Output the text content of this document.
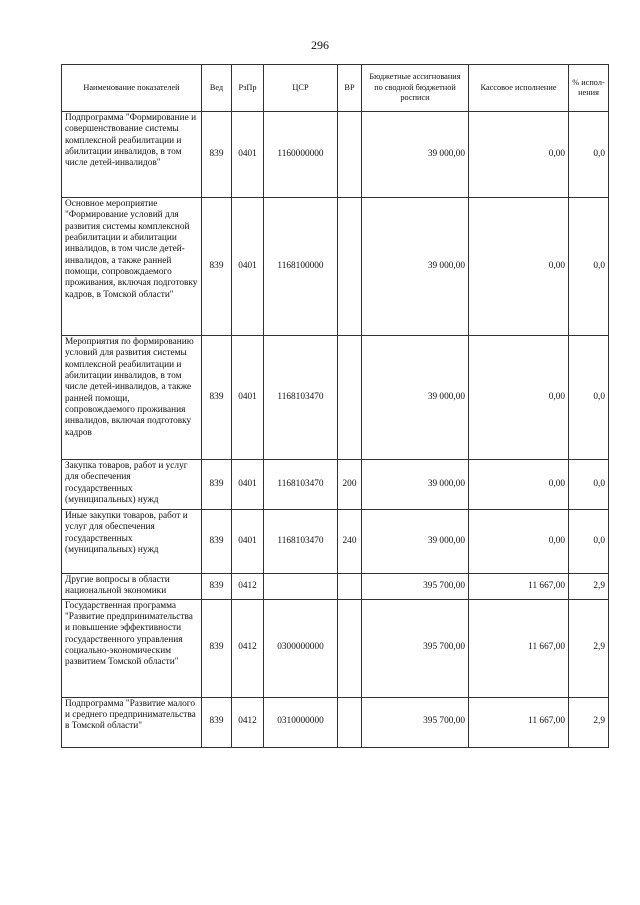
296
Наименование показателей	Вед	РзПр	ЦСР	ВР	Бюджетные ассигнования по сводной бюджетной росписи	Кассовое исполнение	% испол-нения
Подпрограмма "Формирование и совершенствование системы комплексной реабилитации и абилитации инвалидов, в том числе детей-инвалидов"	839	0401	1160000000		39 000,00	0,00	0,0
Основное мероприятие "Формирование условий для развития системы комплексной реабилитации и абилитации инвалидов, в том числе детей-инвалидов, а также ранней помощи, сопровождаемого проживания, включая подготовку кадров, в Томской области"	839	0401	1168100000		39 000,00	0,00	0,0
Мероприятия по формированию условий для развития системы комплексной реабилитации и абилитации инвалидов, в том числе детей-инвалидов, а также ранней помощи, сопровождаемого проживания инвалидов, включая подготовку кадров	839	0401	1168103470		39 000,00	0,00	0,0
Закупка товаров, работ и услуг для обеспечения государственных (муниципальных) нужд	839	0401	1168103470	200	39 000,00	0,00	0,0
Иные закупки товаров, работ и услуг для обеспечения государственных (муниципальных) нужд	839	0401	1168103470	240	39 000,00	0,00	0,0
Другие вопросы в области национальной экономики	839	0412			395 700,00	11 667,00	2,9
Государственная программа "Развитие предпринимательства и повышение эффективности государственного управления социально-экономическим развитием Томской области"	839	0412	0300000000		395 700,00	11 667,00	2,9
Подпрограмма "Развитие малого и среднего предпринимательства в Томской области"	839	0412	0310000000		395 700,00	11 667,00	2,9
